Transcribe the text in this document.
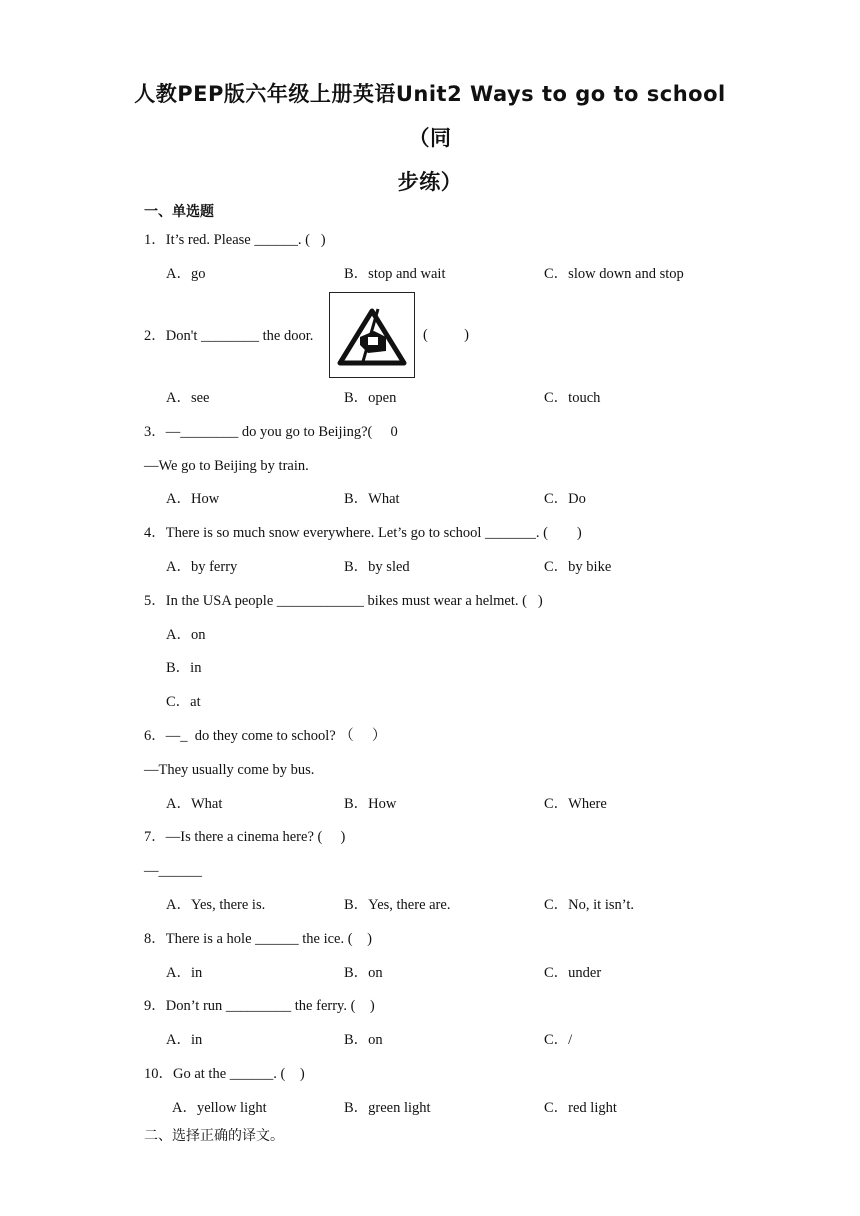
人教PEP版六年级上册英语Unit2 Ways to go to school（同
步练）
一、单选题
1．It’s red. Please ______. (   )
A．go	B．stop and wait	C．slow down and stop
2．Don't ________ the door.	(          )
A．see	B．open	C．touch
3．—________ do you go to Beijing?(     0
—We go to Beijing by train.
A．How	B．What	C．Do
4．There is so much snow everywhere. Let’s go to school _______. (        )
A．by ferry	B．by sled	C．by bike
5．In the USA people ____________ bikes must wear a helmet. (   )
A．on
B．in
C．at
6．—_  do they come to school? （     ）
—They usually come by bus.
A．What	B．How	C．Where
7．—Is there a cinema here? (     )
—______
A．Yes, there is.	B．Yes, there are.	C．No, it isn’t.
8．There is a hole ______ the ice. (    )
A．in	B．on	C．under
9．Don’t run _________ the ferry. (    )
A．in	B．on	C．/
10．Go at the ______. (    )
A．yellow light	B．green light	C．red light
二、选择正确的译文。
